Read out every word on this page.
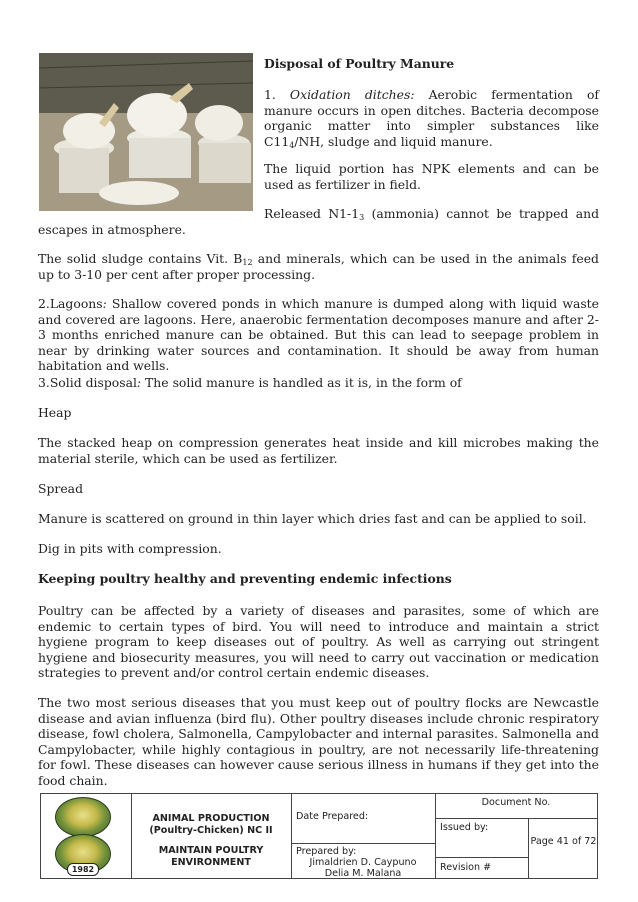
Disposal of Poultry Manure

1. Oxidation ditches: Aerobic fermentation of manure occurs in open ditches. Bacteria decompose organic matter into simpler substances like $C11_4/NH$, sludge and liquid manure.

The liquid portion has NPK elements and can be used as fertilizer in field.

Released $N1-1_3$ (ammonia) cannot be trapped and

escapes in atmosphere.

The solid sludge contains Vit. $B_{12}$ and minerals, which can be used in the animals feed up to 3-10 per cent after proper processing.

2.Lagoons: Shallow covered ponds in which manure is dumped along with liquid waste and covered are lagoons. Here, anaerobic fermentation decomposes manure and after 2-3 months enriched manure can be obtained. But this can lead to seepage problem in near by drinking water sources and contamination. It should be away from human habitation and wells.

3.Solid disposal: The solid manure is handled as it is, in the form of

Heap

The stacked heap on compression generates heat inside and kill microbes making the material sterile, which can be used as fertilizer.

Spread

Manure is scattered on ground in thin layer which dries fast and can be applied to soil.

Dig in pits with compression.

Keeping poultry healthy and preventing endemic infections

Poultry can be affected by a variety of diseases and parasites, some of which are endemic to certain types of bird. You will need to introduce and maintain a strict hygiene program to keep diseases out of poultry. As well as carrying out stringent hygiene and biosecurity measures, you will need to carry out vaccination or medication strategies to prevent and/or control certain endemic diseases.

The two most serious diseases that you must keep out of poultry flocks are Newcastle disease and avian influenza (bird flu). Other poultry diseases include chronic respiratory disease, fowl cholera, Salmonella, Campylobacter and internal parasites. Salmonella and Campylobacter, while highly contagious in poultry, are not necessarily life-threatening for fowl. These diseases can however cause serious illness in humans if they get into the food chain.

1982
ANIMAL PRODUCTION (Poultry-Chicken) NC II
MAINTAIN POULTRY ENVIRONMENT
Date Prepared:
Prepared by:
Jimaldrien D. Caypuno
Delia M. Malana
Document No.
Issued by:
Page 41 of 72
Revision #
